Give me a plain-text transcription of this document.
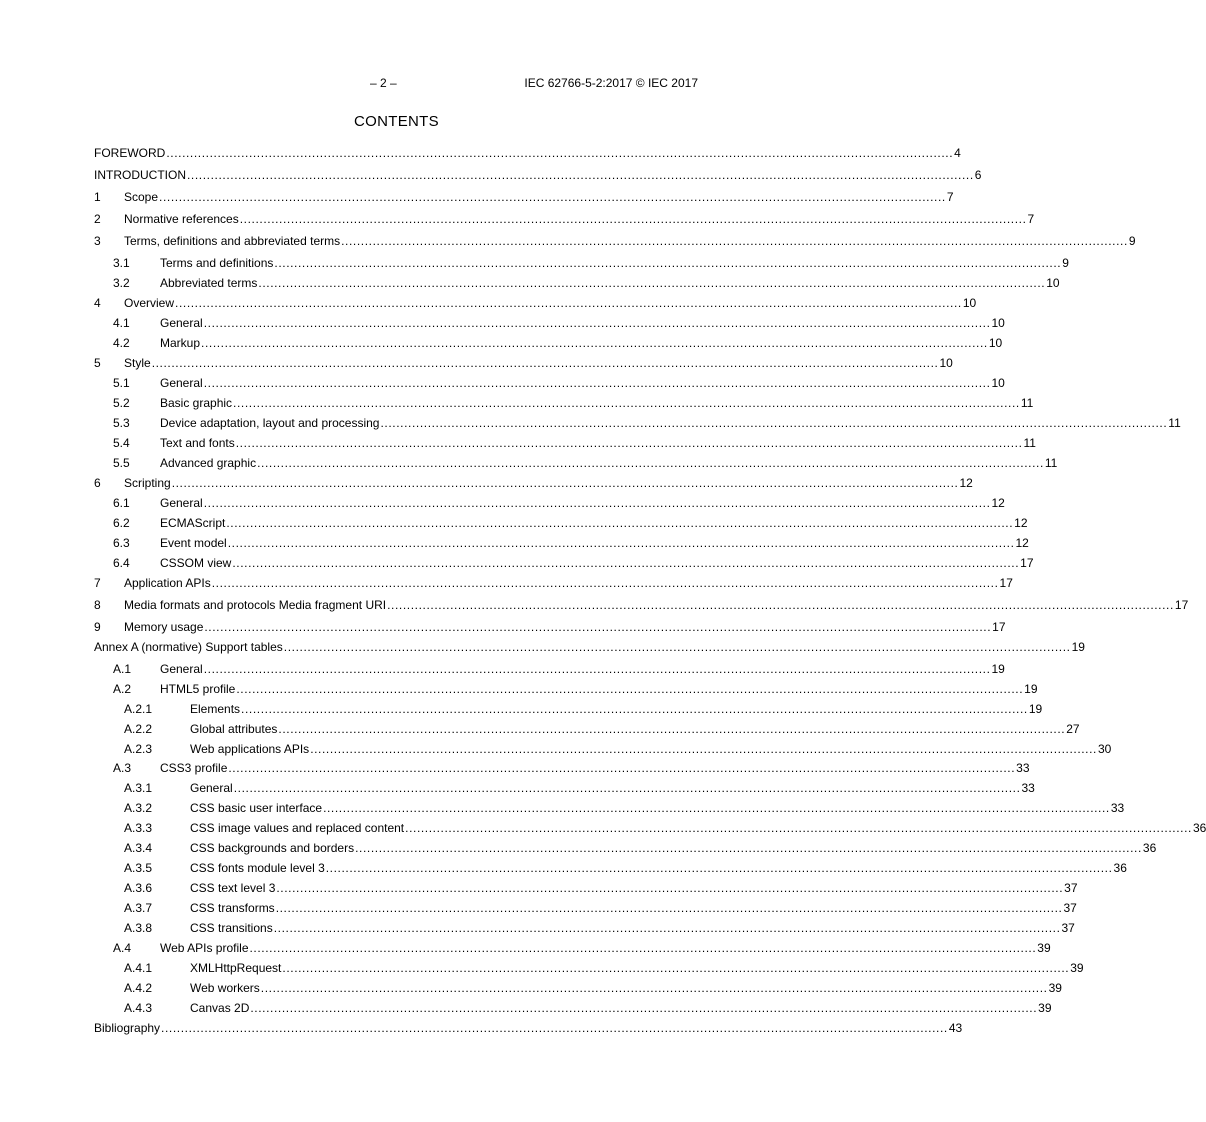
– 2 –	IEC 62766-5-2:2017 © IEC 2017
CONTENTS
FOREWORD ........................................................................................................................................................................................................ 4
INTRODUCTION ........................................................................................................................................................................................................ 6
1 Scope ........................................................................................................................................................................................................ 7
2 Normative references ........................................................................................................................................................................................................ 7
3 Terms, definitions and abbreviated terms ........................................................................................................................................................................................................ 9
3.1	Terms and definitions ........................................................................................................................................................................................................ 9
3.2	Abbreviated terms ........................................................................................................................................................................................................ 10
4 Overview ........................................................................................................................................................................................................ 10
4.1	General ........................................................................................................................................................................................................ 10
4.2	Markup ........................................................................................................................................................................................................ 10
5 Style ........................................................................................................................................................................................................ 10
5.1	General ........................................................................................................................................................................................................ 10
5.2	Basic graphic ........................................................................................................................................................................................................ 11
5.3	Device adaptation, layout and processing ........................................................................................................................................................................................................ 11
5.4	Text and fonts ........................................................................................................................................................................................................ 11
5.5	Advanced graphic ........................................................................................................................................................................................................ 11
6 Scripting ........................................................................................................................................................................................................ 12
6.1	General ........................................................................................................................................................................................................ 12
6.2	ECMAScript ........................................................................................................................................................................................................ 12
6.3	Event model ........................................................................................................................................................................................................ 12
6.4	CSSOM view ........................................................................................................................................................................................................ 17
7 Application APIs ........................................................................................................................................................................................................ 17
8 Media formats and protocols Media fragment URI ........................................................................................................................................................................................................ 17
9 Memory usage ........................................................................................................................................................................................................ 17
Annex A (normative) Support tables ........................................................................................................................................................................................................ 19
A.1 General ........................................................................................................................................................................................................ 19
A.2 HTML5 profile ........................................................................................................................................................................................................ 19
A.2.1	Elements ........................................................................................................................................................................................................ 19
A.2.2	Global attributes ........................................................................................................................................................................................................ 27
A.2.3	Web applications APIs ........................................................................................................................................................................................................ 30
A.3 CSS3 profile ........................................................................................................................................................................................................ 33
A.3.1	General ........................................................................................................................................................................................................ 33
A.3.2	CSS basic user interface ........................................................................................................................................................................................................ 33
A.3.3	CSS image values and replaced content ........................................................................................................................................................................................................ 36
A.3.4	CSS backgrounds and borders ........................................................................................................................................................................................................ 36
A.3.5	CSS fonts module level 3 ........................................................................................................................................................................................................ 36
A.3.6	CSS text level 3 ........................................................................................................................................................................................................ 37
A.3.7	CSS transforms ........................................................................................................................................................................................................ 37
A.3.8	CSS transitions ........................................................................................................................................................................................................ 37
A.4 Web APIs profile ........................................................................................................................................................................................................ 39
A.4.1	XMLHttpRequest ........................................................................................................................................................................................................ 39
A.4.2	Web workers ........................................................................................................................................................................................................ 39
A.4.3	Canvas 2D ........................................................................................................................................................................................................ 39
Bibliography ........................................................................................................................................................................................................ 43
